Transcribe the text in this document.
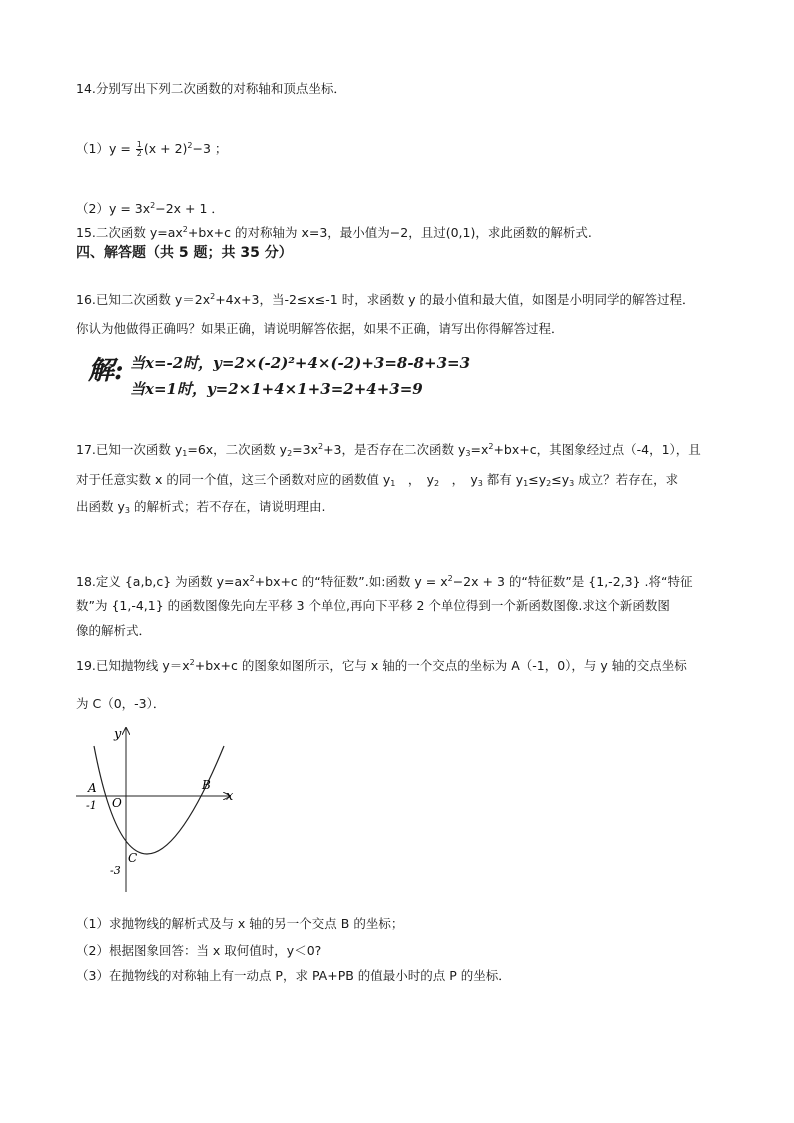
14.分别写出下列二次函数的对称轴和顶点坐标．
$(1)y = \frac{1}{2} (x + 2)^2-3$ ；
$(2)y = 3x^2-2x + 1$ ．
15.二次函数 $y=ax^2+bx+c$ 的对称轴为 x=3，最小值为−2，且过(0,1)，求此函数的解析式.
四、解答题（共 5 题；共 35 分）
16.已知二次函数 $y=2x^2+4x+3$，当-2≤x≤-1 时，求函数 y 的最小值和最大值，如图是小明同学的解答过程．
你认为他做得正确吗？如果正确，请说明解答依据，如果不正确，请写出你得解答过程．
解: 当x=-2时，y=2×(-2)²+4×(-2)+3=8-8+3=3
当x=1时，y=2×1+4×1+3=2+4+3=9
17.已知一次函数 $y_1=6x$，二次函数 $y_2=3x^2+3$，是否存在二次函数 $y_3=x^2+bx+c$，其图象经过点（-4，1），且
对于任意实数 x 的同一个值，这三个函数对应的函数值 $y_1$　，　$y_2$　，　$y_3$ 都有 $y_1\le y_2\le y_3$ 成立？若存在，求
出函数 $y_3$ 的解析式；若不存在，请说明理由.
18.定义 {a,b,c} 为函数 $y=ax^2+bx+c$ 的“特征数”.如:函数 $y = x^2-2x + 3$ 的“特征数”是 {1,-2,3} .将“特征
数”为 {1,-4,1} 的函数图像先向左平移 3 个单位,再向下平移 2 个单位得到一个新函数图像.求这个新函数图
像的解析式．
19.已知抛物线 $y=x^2+bx+c$ 的图象如图所示，它与 x 轴的一个交点的坐标为 A（-1，0），与 y 轴的交点坐标
为 C（0，-3）．
y
x
O
A	B
C
-1
-3
（1）求抛物线的解析式及与 x 轴的另一个交点 B 的坐标；
（2）根据图象回答：当 x 取何值时，y＜0?
（3）在抛物线的对称轴上有一动点 P，求 PA+PB 的值最小时的点 P 的坐标．
